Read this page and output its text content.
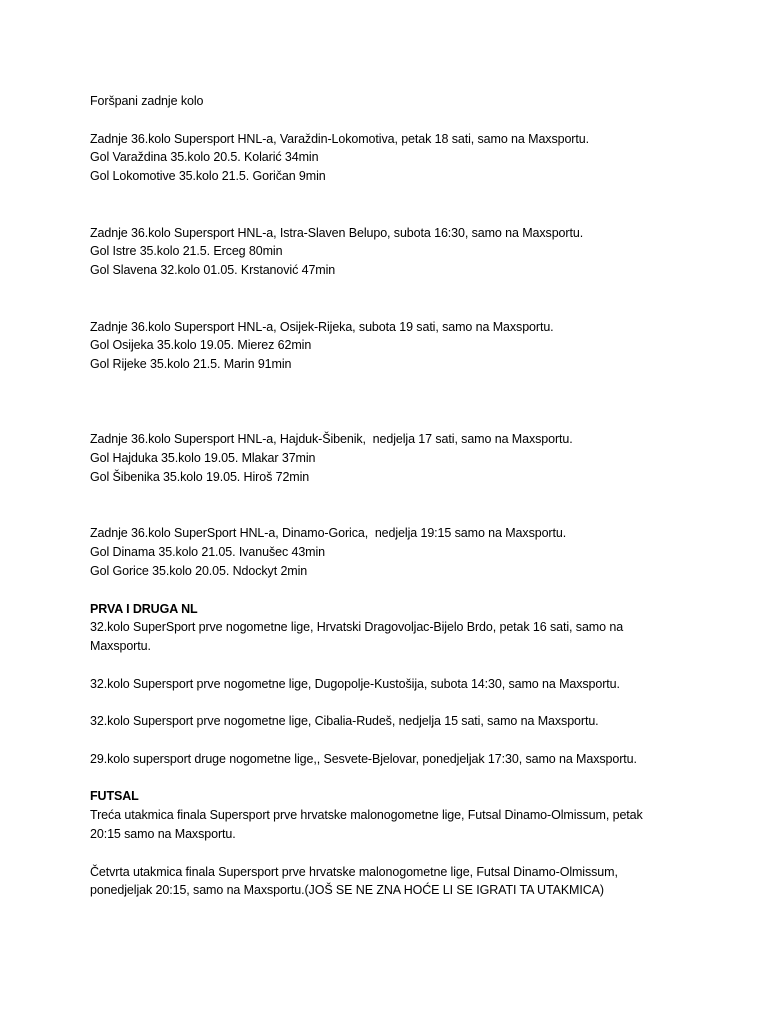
Foršpani zadnje kolo
Zadnje 36.kolo Supersport HNL-a, Varaždin-Lokomotiva, petak 18 sati, samo na Maxsportu.
Gol Varaždina 35.kolo 20.5. Kolarić 34min
Gol Lokomotive 35.kolo 21.5. Goričan 9min
Zadnje 36.kolo Supersport HNL-a, Istra-Slaven Belupo, subota 16:30, samo na Maxsportu.
Gol Istre 35.kolo 21.5. Erceg 80min
Gol Slavena 32.kolo 01.05. Krstanović 47min
Zadnje 36.kolo Supersport HNL-a, Osijek-Rijeka, subota 19 sati, samo na Maxsportu.
Gol Osijeka 35.kolo 19.05. Mierez 62min
Gol Rijeke 35.kolo 21.5. Marin 91min
Zadnje 36.kolo Supersport HNL-a, Hajduk-Šibenik,  nedjelja 17 sati, samo na Maxsportu.
Gol Hajduka 35.kolo 19.05. Mlakar 37min
Gol Šibenika 35.kolo 19.05. Hiroš 72min
Zadnje 36.kolo SuperSport HNL-a, Dinamo-Gorica,  nedjelja 19:15 samo na Maxsportu.
Gol Dinama 35.kolo 21.05. Ivanušec 43min
Gol Gorice 35.kolo 20.05. Ndockyt 2min
PRVA I DRUGA NL
32.kolo SuperSport prve nogometne lige, Hrvatski Dragovoljac-Bijelo Brdo, petak 16 sati, samo na
Maxsportu.
32.kolo Supersport prve nogometne lige, Dugopolje-Kustošija, subota 14:30, samo na Maxsportu.
32.kolo Supersport prve nogometne lige, Cibalia-Rudeš, nedjelja 15 sati, samo na Maxsportu.
29.kolo supersport druge nogometne lige,, Sesvete-Bjelovar, ponedjeljak 17:30, samo na Maxsportu.
FUTSAL
Treća utakmica finala Supersport prve hrvatske malonogometne lige, Futsal Dinamo-Olmissum, petak
20:15 samo na Maxsportu.
Četvrta utakmica finala Supersport prve hrvatske malonogometne lige, Futsal Dinamo-Olmissum,
ponedjeljak 20:15, samo na Maxsportu.(JOŠ SE NE ZNA HOĆE LI SE IGRATI TA UTAKMICA)
